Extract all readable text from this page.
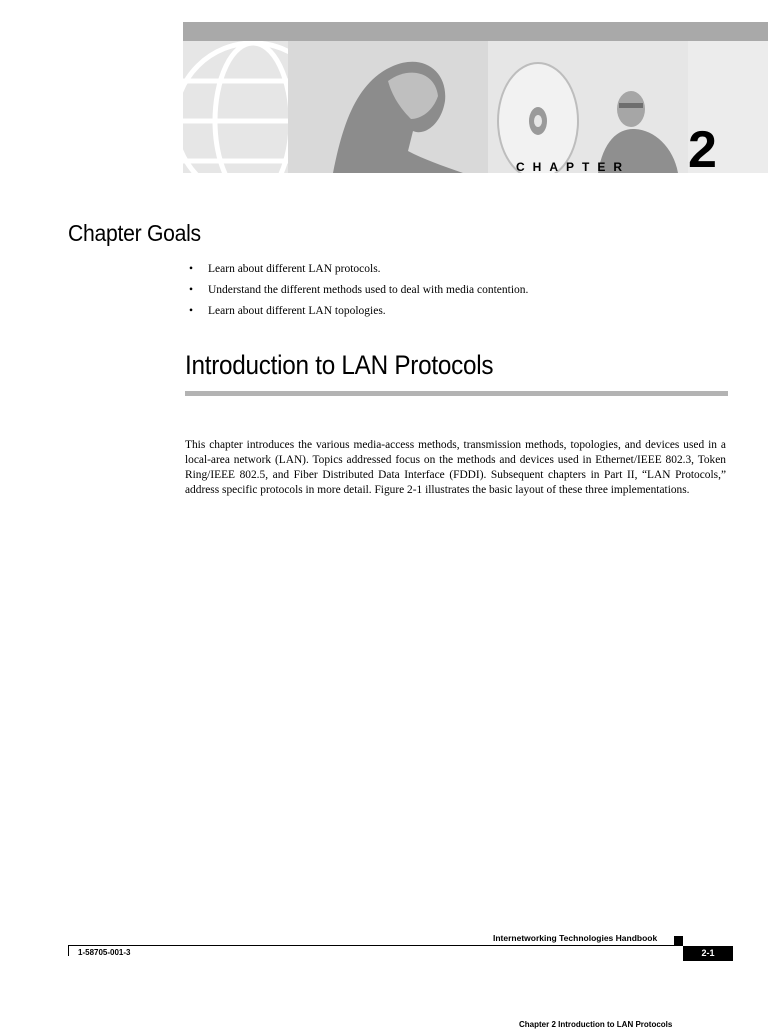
CHAPTER 2
Chapter Goals
• Learn about different LAN protocols.
• Understand the different methods used to deal with media contention.
• Learn about different LAN topologies.
Introduction to LAN Protocols

This chapter introduces the various media-access methods, transmission methods, topologies, and devices used in a local-area network (LAN). Topics addressed focus on the methods and devices used in Ethernet/IEEE 802.3, Token Ring/IEEE 802.5, and Fiber Distributed Data Interface (FDDI). Subsequent chapters in Part II, “LAN Protocols,” address specific protocols in more detail. Figure 2-1 illustrates the basic layout of these three implementations.

Internetworking Technologies Handbook
1-58705-001-3	2-1
Chapter 2 Introduction to LAN Protocols
